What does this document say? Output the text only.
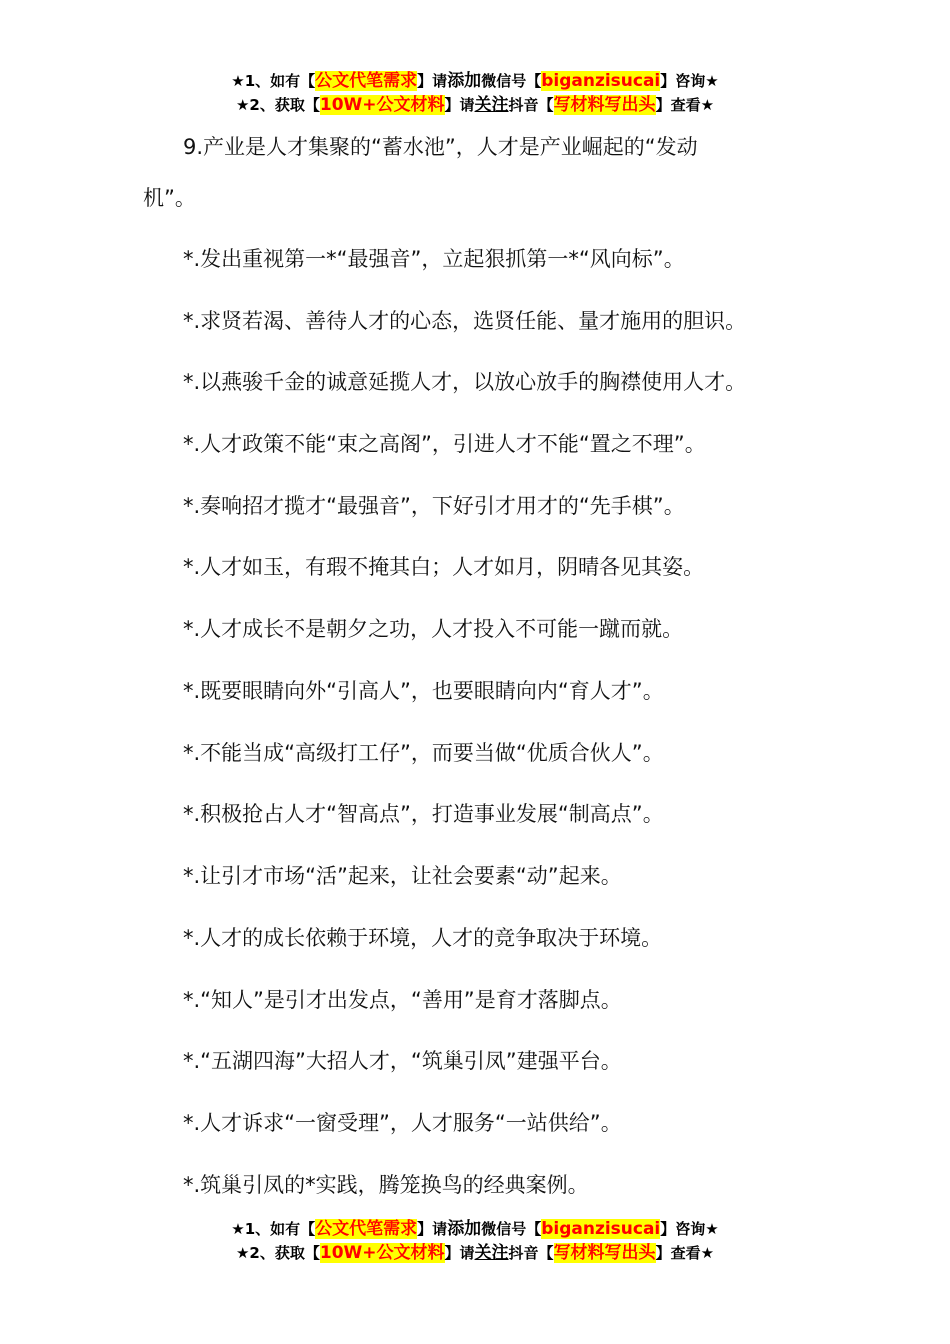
★1、如有【公文代笔需求】请添加微信号【biganzisucai】咨询★
★2、获取【10W+公文材料】请关注抖音【写材料写出头】查看★
9.产业是人才集聚的“蓄水池”，人才是产业崛起的“发动
机”。
*.发出重视第一*“最强音”，立起狠抓第一*“风向标”。
*.求贤若渴、善待人才的心态，选贤任能、量才施用的胆识。
*.以燕骏千金的诚意延揽人才，以放心放手的胸襟使用人才。
*.人才政策不能“束之高阁”，引进人才不能“置之不理”。
*.奏响招才揽才“最强音”，下好引才用才的“先手棋”。
*.人才如玉，有瑕不掩其白；人才如月，阴晴各见其姿。
*.人才成长不是朝夕之功，人才投入不可能一蹴而就。
*.既要眼睛向外“引高人”，也要眼睛向内“育人才”。
*.不能当成“高级打工仔”，而要当做“优质合伙人”。
*.积极抢占人才“智高点”，打造事业发展“制高点”。
*.让引才市场“活”起来，让社会要素“动”起来。
*.人才的成长依赖于环境，人才的竞争取决于环境。
*.“知人”是引才出发点，“善用”是育才落脚点。
*.“五湖四海”大招人才，“筑巢引凤”建强平台。
*.人才诉求“一窗受理”，人才服务“一站供给”。
*.筑巢引凤的*实践，腾笼换鸟的经典案例。
★1、如有【公文代笔需求】请添加微信号【biganzisucai】咨询★
★2、获取【10W+公文材料】请关注抖音【写材料写出头】查看★
